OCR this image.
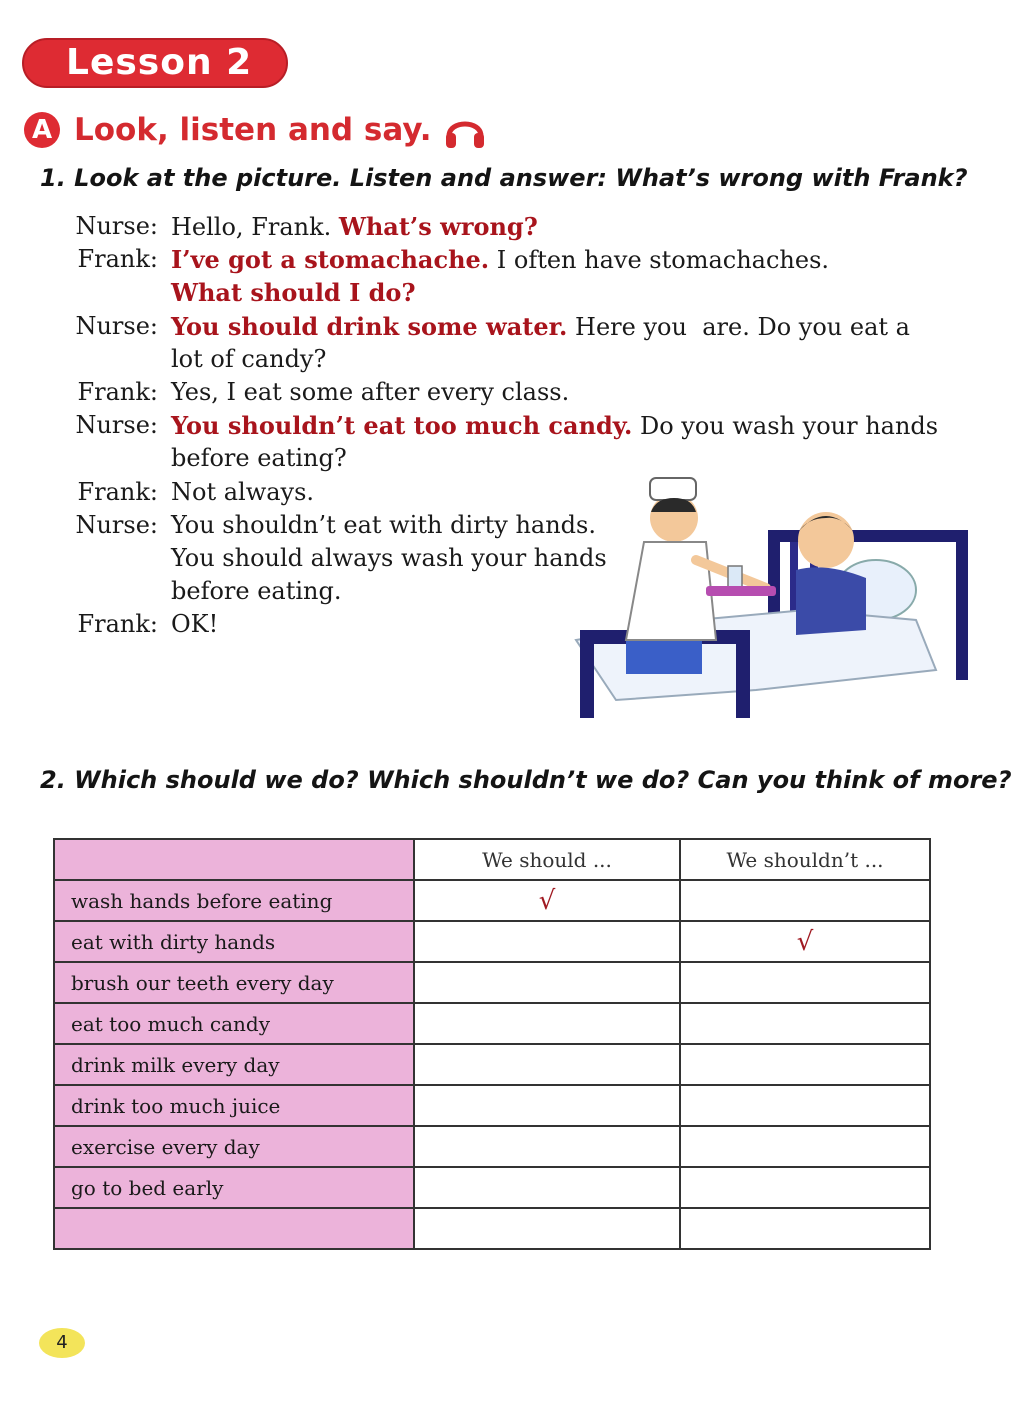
Lesson 2
A Look, listen and say.
1. Look at the picture. Listen and answer: What’s wrong with Frank?
Nurse: Hello, Frank. What’s wrong?
Frank: I’ve got a stomachache. I often have stomachaches.
What should I do?
Nurse: You should drink some water. Here you  are. Do you eat a
lot of candy?
Frank: Yes, I eat some after every class.
Nurse: You shouldn’t eat too much candy. Do you wash your hands
before eating?
Frank: Not always.
Nurse: You shouldn’t eat with dirty hands.
You should always wash your hands
before eating.
Frank: OK!
2. Which should we do? Which shouldn’t we do? Can you think of more?
	We should ...	We shouldn’t ...
wash hands before eating	√	
eat with dirty hands		√
brush our teeth every day		
eat too much candy		
drink milk every day		
drink too much juice		
exercise every day		
go to bed early		

4
